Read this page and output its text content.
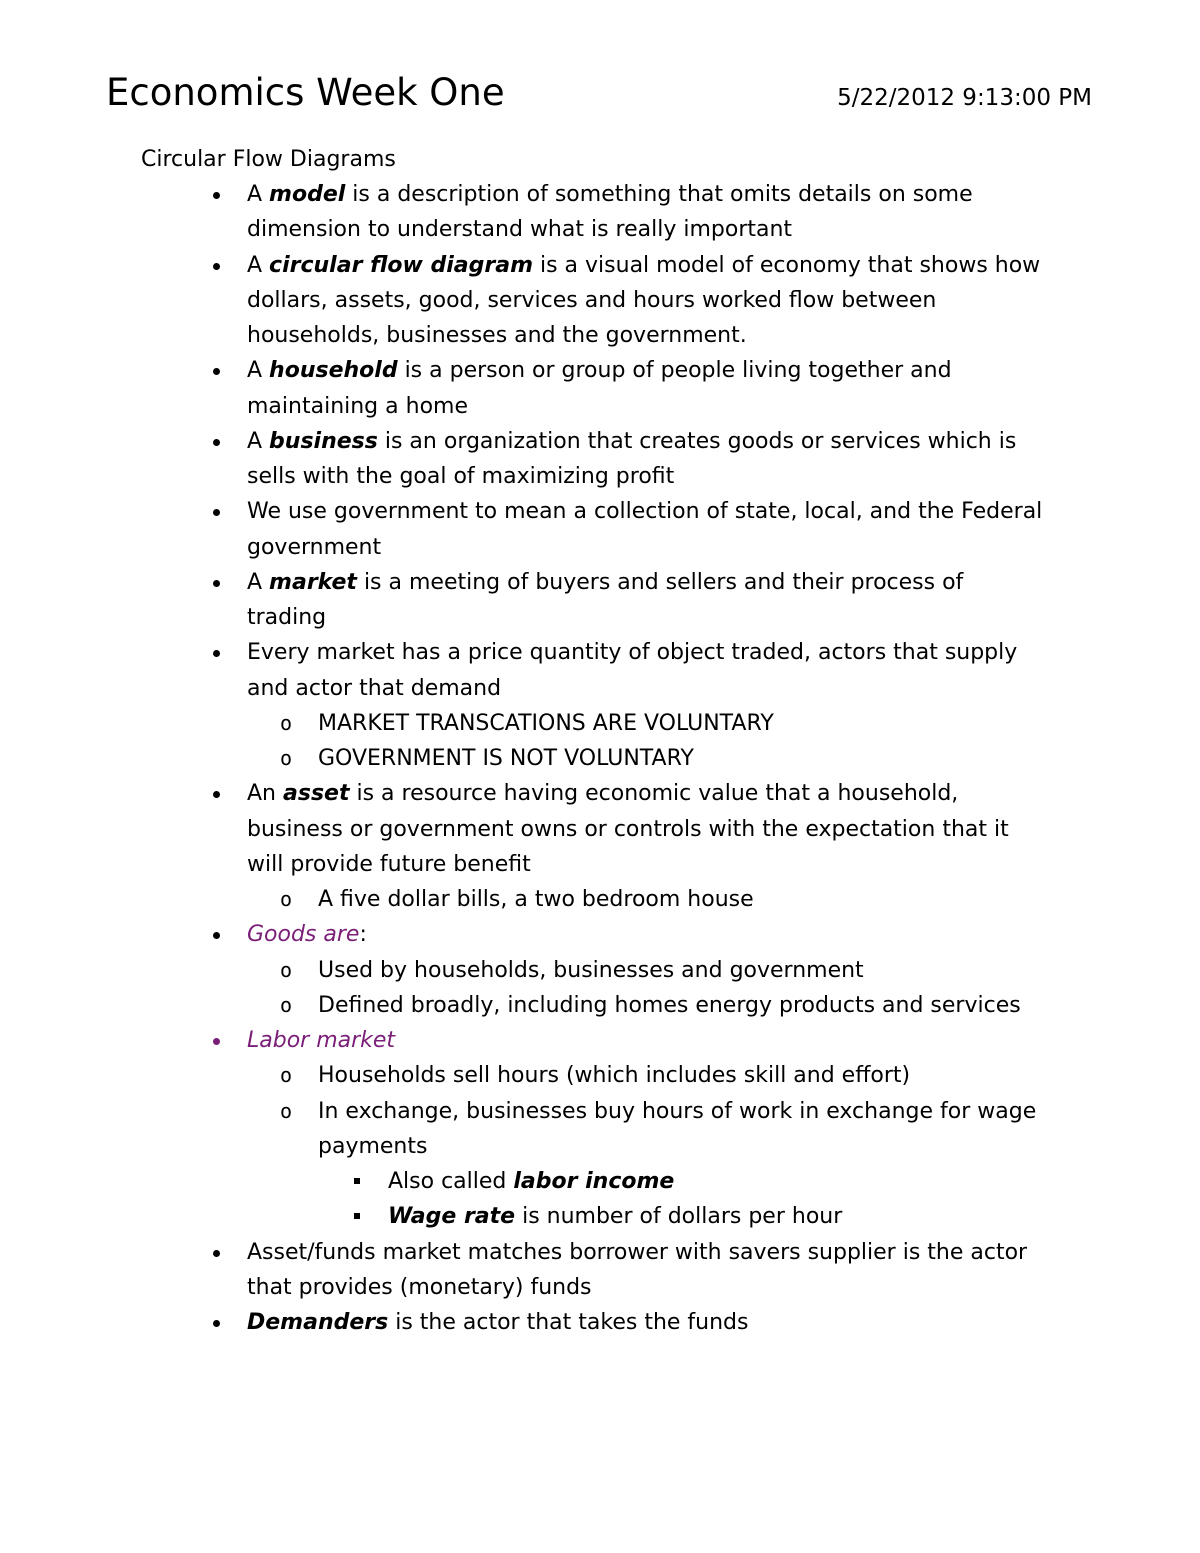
Economics Week One	5/22/2012 9:13:00 PM
Circular Flow Diagrams
A model is a description of something that omits details on some dimension to understand what is really important
A circular flow diagram is a visual model of economy that shows how dollars, assets, good, services and hours worked flow between households, businesses and the government.
A household is a person or group of people living together and maintaining a home
A business is an organization that creates goods or services which is sells with the goal of maximizing profit
We use government to mean a collection of state, local, and the Federal government
A market is a meeting of buyers and sellers and their process of trading
Every market has a price quantity of object traded, actors that supply and actor that demand
o MARKET TRANSCATIONS ARE VOLUNTARY
o GOVERNMENT IS NOT VOLUNTARY
An asset is a resource having economic value that a household, business or government owns or controls with the expectation that it will provide future benefit
o A five dollar bills, a two bedroom house
Goods are:
o Used by households, businesses and government
o Defined broadly, including homes energy products and services
Labor market
o Households sell hours (which includes skill and effort)
o In exchange, businesses buy hours of work in exchange for wage payments
Also called labor income
Wage rate is number of dollars per hour
Asset/funds market matches borrower with savers supplier is the actor that provides (monetary) funds
Demanders is the actor that takes the funds
